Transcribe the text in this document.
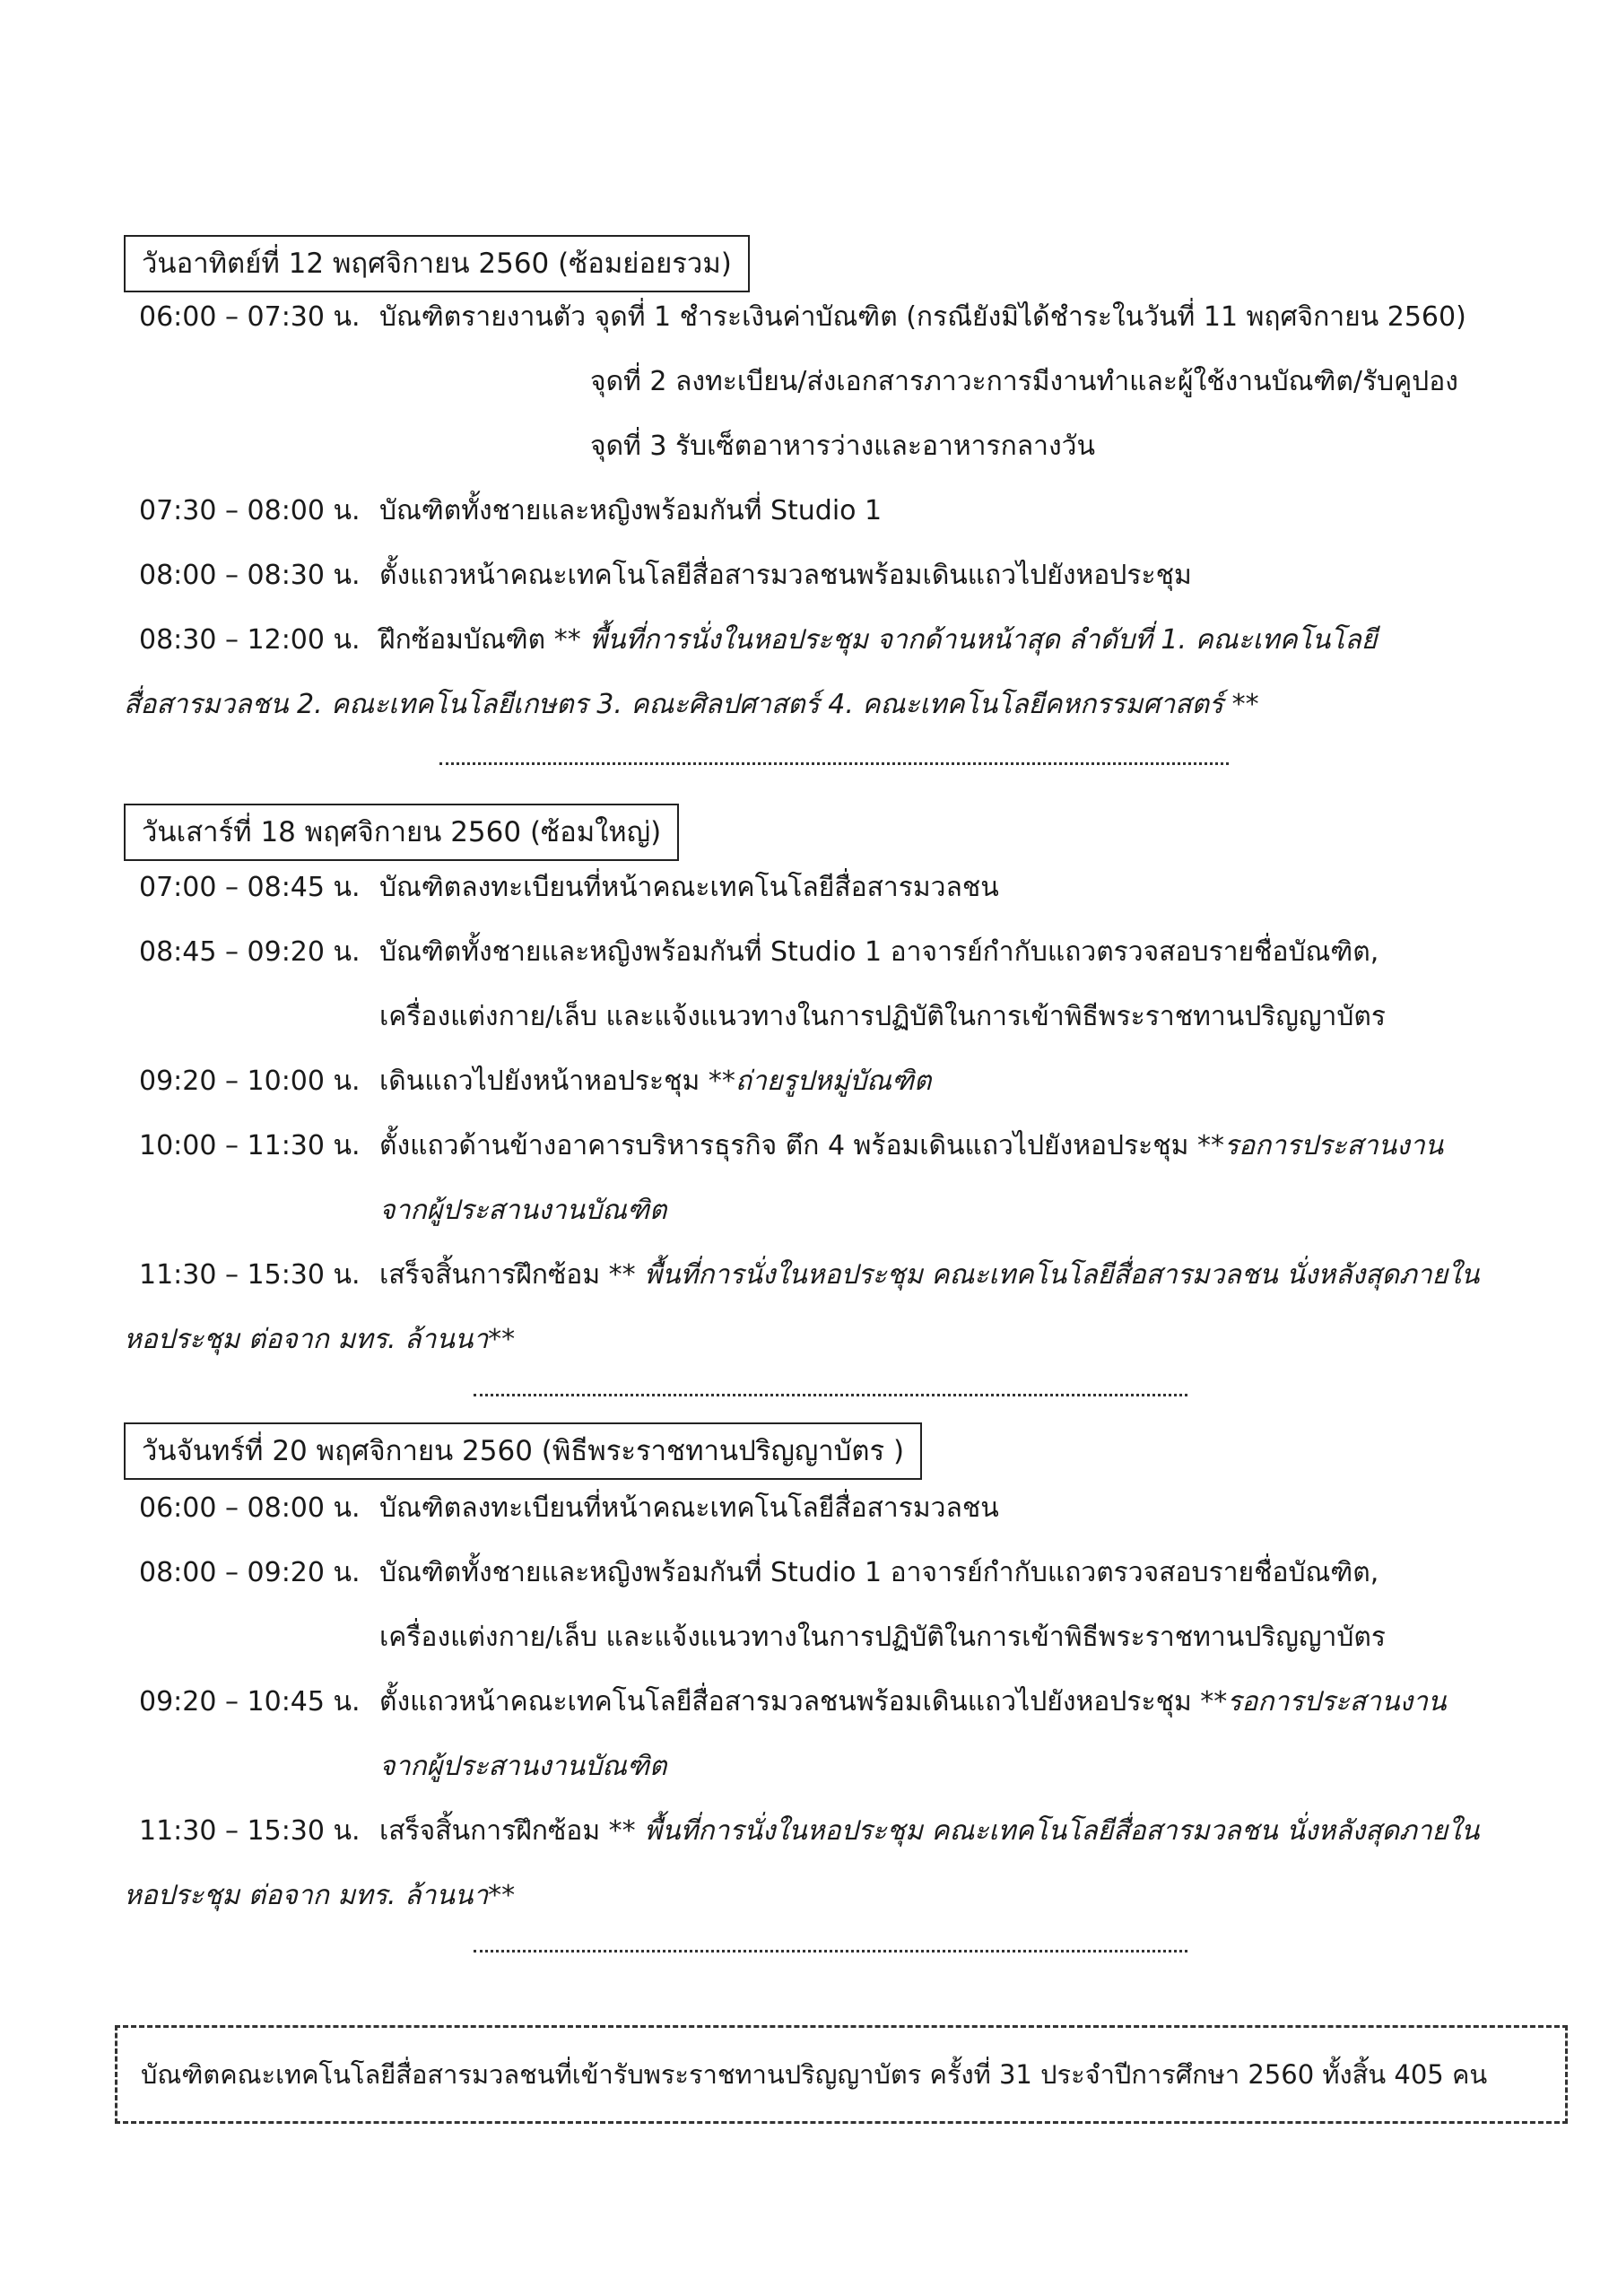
วันอาทิตย์ที่ 12 พฤศจิกายน 2560 (ซ้อมย่อยรวม)
06:00 – 07:30 น. บัณฑิตรายงานตัว จุดที่ 1 ชำระเงินค่าบัณฑิต (กรณียังมิได้ชำระในวันที่ 11 พฤศจิกายน 2560)
จุดที่ 2 ลงทะเบียน/ส่งเอกสารภาวะการมีงานทำและผู้ใช้งานบัณฑิต/รับคูปอง
จุดที่ 3 รับเซ็ตอาหารว่างและอาหารกลางวัน
07:30 – 08:00 น. บัณฑิตทั้งชายและหญิงพร้อมกันที่ Studio 1
08:00 – 08:30 น. ตั้งแถวหน้าคณะเทคโนโลยีสื่อสารมวลชนพร้อมเดินแถวไปยังหอประชุม
08:30 – 12:00 น. ฝึกซ้อมบัณฑิต ** พื้นที่การนั่งในหอประชุม จากด้านหน้าสุด ลำดับที่ 1. คณะเทคโนโลยี
สื่อสารมวลชน 2. คณะเทคโนโลยีเกษตร 3. คณะศิลปศาสตร์ 4. คณะเทคโนโลยีคหกรรมศาสตร์ **
วันเสาร์ที่ 18 พฤศจิกายน 2560 (ซ้อมใหญ่)
07:00 – 08:45 น. บัณฑิตลงทะเบียนที่หน้าคณะเทคโนโลยีสื่อสารมวลชน
08:45 – 09:20 น. บัณฑิตทั้งชายและหญิงพร้อมกันที่ Studio 1 อาจารย์กำกับแถวตรวจสอบรายชื่อบัณฑิต,
เครื่องแต่งกาย/เล็บ และแจ้งแนวทางในการปฏิบัติในการเข้าพิธีพระราชทานปริญญาบัตร
09:20 – 10:00 น. เดินแถวไปยังหน้าหอประชุม **ถ่ายรูปหมู่บัณฑิต
10:00 – 11:30 น. ตั้งแถวด้านข้างอาคารบริหารธุรกิจ ตึก 4 พร้อมเดินแถวไปยังหอประชุม **รอการประสานงาน
จากผู้ประสานงานบัณฑิต
11:30 – 15:30 น. เสร็จสิ้นการฝึกซ้อม ** พื้นที่การนั่งในหอประชุม คณะเทคโนโลยีสื่อสารมวลชน นั่งหลังสุดภายใน
หอประชุม ต่อจาก มทร. ล้านนา**
วันจันทร์ที่ 20 พฤศจิกายน 2560 (พิธีพระราชทานปริญญาบัตร )
06:00 – 08:00 น. บัณฑิตลงทะเบียนที่หน้าคณะเทคโนโลยีสื่อสารมวลชน
08:00 – 09:20 น. บัณฑิตทั้งชายและหญิงพร้อมกันที่ Studio 1 อาจารย์กำกับแถวตรวจสอบรายชื่อบัณฑิต,
เครื่องแต่งกาย/เล็บ และแจ้งแนวทางในการปฏิบัติในการเข้าพิธีพระราชทานปริญญาบัตร
09:20 – 10:45 น. ตั้งแถวหน้าคณะเทคโนโลยีสื่อสารมวลชนพร้อมเดินแถวไปยังหอประชุม **รอการประสานงาน
จากผู้ประสานงานบัณฑิต
11:30 – 15:30 น. เสร็จสิ้นการฝึกซ้อม ** พื้นที่การนั่งในหอประชุม คณะเทคโนโลยีสื่อสารมวลชน นั่งหลังสุดภายใน
หอประชุม ต่อจาก มทร. ล้านนา**
บัณฑิตคณะเทคโนโลยีสื่อสารมวลชนที่เข้ารับพระราชทานปริญญาบัตร ครั้งที่ 31 ประจำปีการศึกษา 2560 ทั้งสิ้น 405 คน
